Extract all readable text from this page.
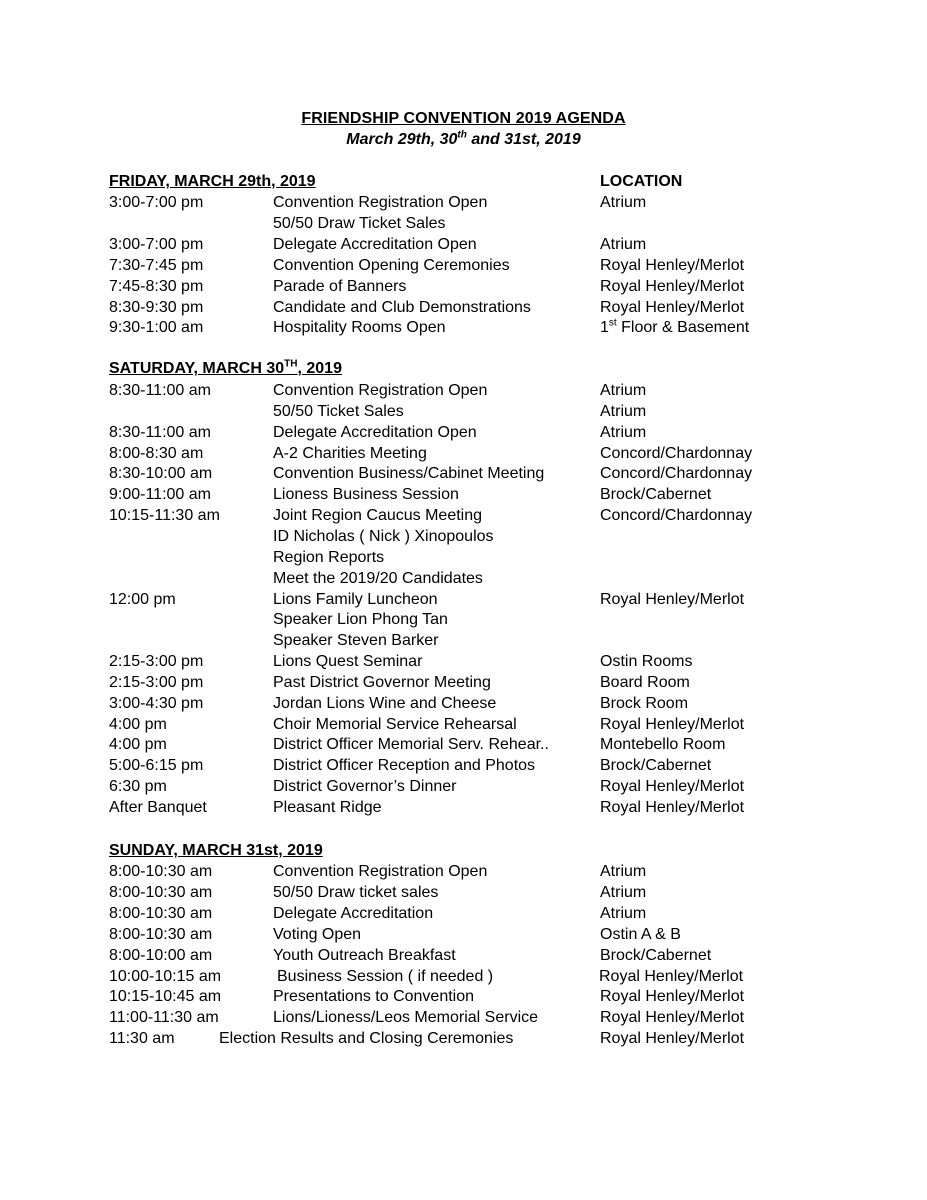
FRIENDSHIP CONVENTION 2019 AGENDA
March 29th, 30th and 31st, 2019
FRIDAY, MARCH 29th, 2019	LOCATION
3:00-7:00 pm	Convention Registration Open	Atrium
50/50 Draw Ticket Sales
3:00-7:00 pm	Delegate Accreditation Open	Atrium
7:30-7:45 pm	Convention Opening Ceremonies	Royal Henley/Merlot
7:45-8:30 pm	Parade of Banners	Royal Henley/Merlot
8:30-9:30 pm	Candidate and Club Demonstrations	Royal Henley/Merlot
9:30-1:00 am	Hospitality Rooms Open	1st Floor & Basement
SATURDAY, MARCH 30TH, 2019
8:30-11:00 am	Convention Registration Open	Atrium
50/50 Ticket Sales	Atrium
8:30-11:00 am	Delegate Accreditation Open	Atrium
8:00-8:30 am	A-2 Charities Meeting	Concord/Chardonnay
8:30-10:00 am	Convention Business/Cabinet Meeting	Concord/Chardonnay
9:00-11:00 am	Lioness Business Session	Brock/Cabernet
10:15-11:30 am	Joint Region Caucus Meeting	Concord/Chardonnay
ID Nicholas ( Nick ) Xinopoulos
Region Reports
Meet the 2019/20 Candidates
12:00 pm	Lions Family Luncheon	Royal Henley/Merlot
Speaker Lion Phong Tan
Speaker Steven Barker
2:15-3:00 pm	Lions Quest Seminar	Ostin Rooms
2:15-3:00 pm	Past District Governor Meeting	Board Room
3:00-4:30 pm	Jordan Lions Wine and Cheese	Brock Room
4:00 pm	Choir Memorial Service Rehearsal	Royal Henley/Merlot
4:00 pm	District Officer Memorial Serv. Rehear..	Montebello Room
5:00-6:15 pm	District Officer Reception and Photos	Brock/Cabernet
6:30 pm	District Governor’s Dinner	Royal Henley/Merlot
After Banquet	Pleasant Ridge	Royal Henley/Merlot
SUNDAY, MARCH 31st, 2019
8:00-10:30 am	Convention Registration Open	Atrium
8:00-10:30 am	50/50 Draw ticket sales	Atrium
8:00-10:30 am	Delegate Accreditation	Atrium
8:00-10:30 am	Voting Open	Ostin A & B
8:00-10:00 am	Youth Outreach Breakfast	Brock/Cabernet
10:00-10:15 am	Business Session ( if needed )	Royal Henley/Merlot
10:15-10:45 am	Presentations to Convention	Royal Henley/Merlot
11:00-11:30 am	Lions/Lioness/Leos Memorial Service	Royal Henley/Merlot
11:30 am	Election Results and Closing Ceremonies	Royal Henley/Merlot
